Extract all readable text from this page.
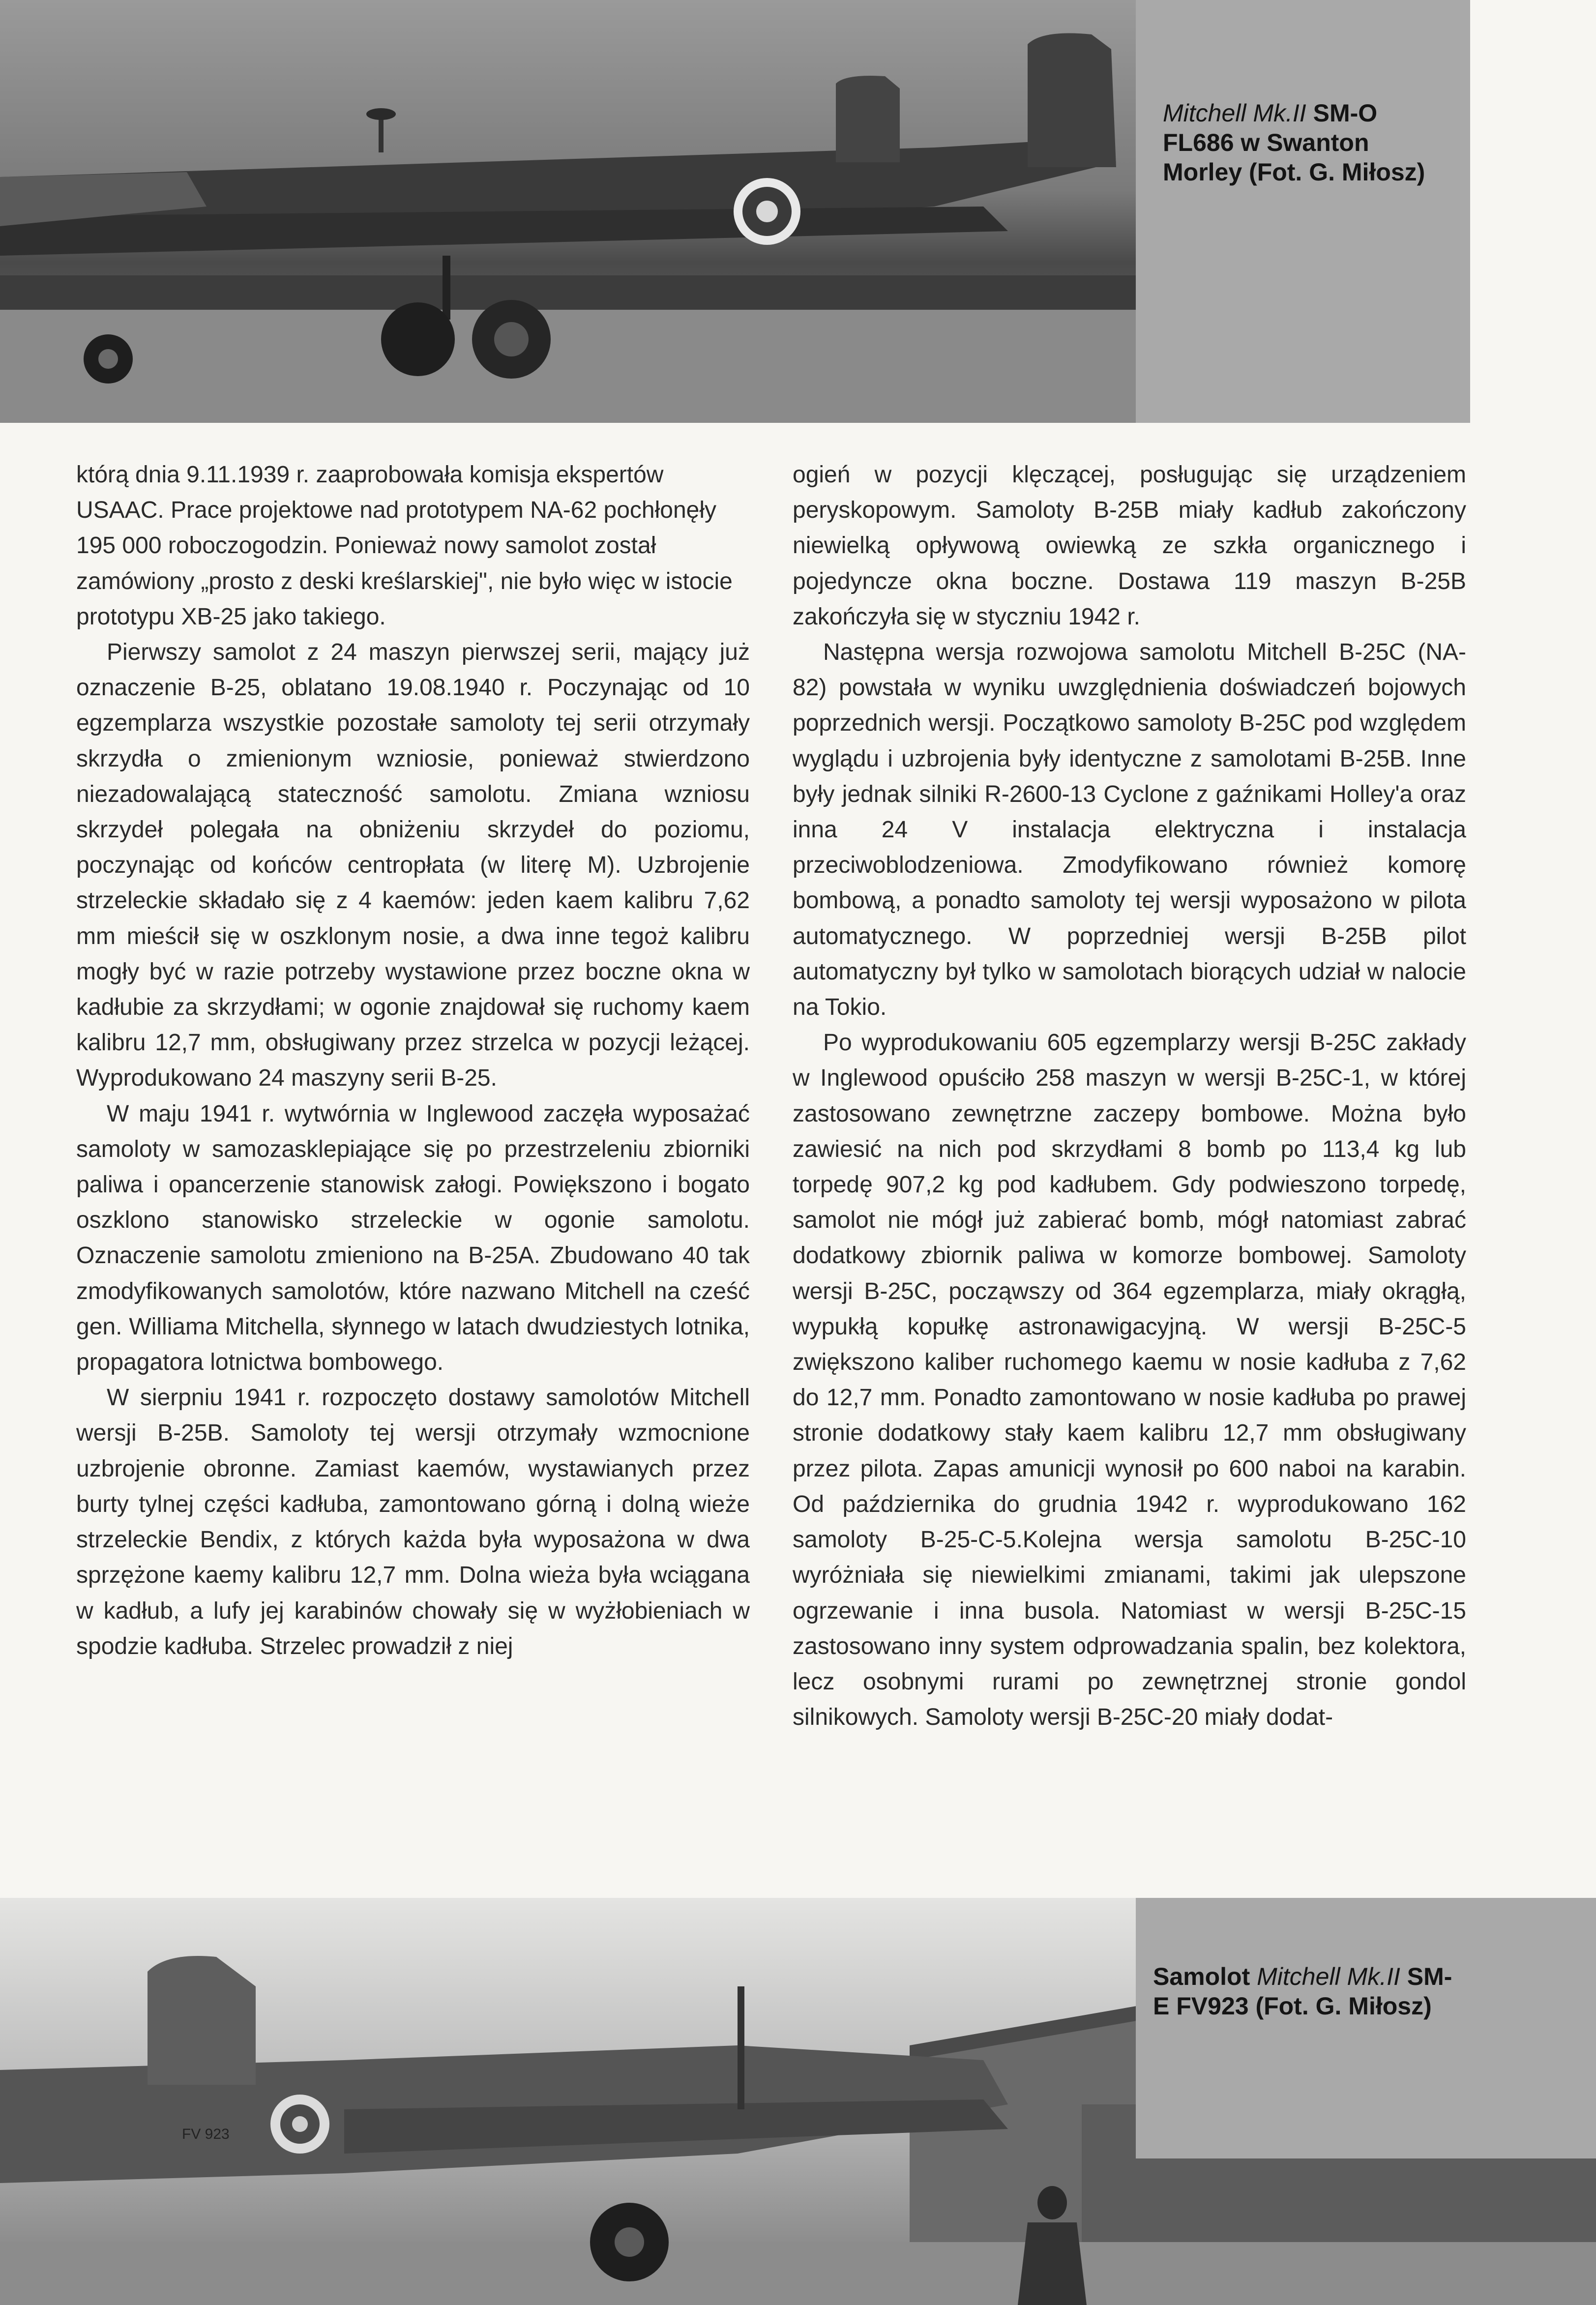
Mitchell Mk.II SM-O FL686 w Swanton Morley (Fot. G. Miłosz)

którą dnia 9.11.1939 r. zaaprobowała komisja ekspertów USAAC. Prace projektowe nad prototypem NA-62 pochłonęły 195 000 roboczogodzin. Ponieważ nowy samolot został zamówiony „prosto z deski kreślarskiej", nie było więc w istocie prototypu XB-25 jako takiego.

Pierwszy samolot z 24 maszyn pierwszej serii, mający już oznaczenie B-25, oblatano 19.08.1940 r. Poczynając od 10 egzemplarza wszystkie pozostałe samoloty tej serii otrzymały skrzydła o zmienionym wzniosie, ponieważ stwierdzono niezadowalającą stateczność samolotu. Zmiana wzniosu skrzydeł polegała na obniżeniu skrzydeł do poziomu, poczynając od końców centropłata (w literę M). Uzbrojenie strzeleckie składało się z 4 kaemów: jeden kaem kalibru 7,62 mm mieścił się w oszklonym nosie, a dwa inne tegoż kalibru mogły być w razie potrzeby wystawione przez boczne okna w kadłubie za skrzydłami; w ogonie znajdował się ruchomy kaem kalibru 12,7 mm, obsługiwany przez strzelca w pozycji leżącej. Wyprodukowano 24 maszyny serii B-25.

W maju 1941 r. wytwórnia w Inglewood zaczęła wyposażać samoloty w samozasklepiające się po przestrzeleniu zbiorniki paliwa i opancerzenie stanowisk załogi. Powiększono i bogato oszklono stanowisko strzeleckie w ogonie samolotu. Oznaczenie samolotu zmieniono na B-25A. Zbudowano 40 tak zmodyfikowanych samolotów, które nazwano Mitchell na cześć gen. Williama Mitchella, słynnego w latach dwudziestych lotnika, propagatora lotnictwa bombowego.

W sierpniu 1941 r. rozpoczęto dostawy samolotów Mitchell wersji B-25B. Samoloty tej wersji otrzymały wzmocnione uzbrojenie obronne. Zamiast kaemów, wystawianych przez burty tylnej części kadłuba, zamontowano górną i dolną wieże strzeleckie Bendix, z których każda była wyposażona w dwa sprzężone kaemy kalibru 12,7 mm. Dolna wieża była wciągana w kadłub, a lufy jej karabinów chowały się w wyżłobieniach w spodzie kadłuba. Strzelec prowadził z niej

ogień w pozycji klęczącej, posługując się urządzeniem peryskopowym. Samoloty B-25B miały kadłub zakończony niewielką opływową owiewką ze szkła organicznego i pojedyncze okna boczne. Dostawa 119 maszyn B-25B zakończyła się w styczniu 1942 r.

Następna wersja rozwojowa samolotu Mitchell B-25C (NA-82) powstała w wyniku uwzględnienia doświadczeń bojowych poprzednich wersji. Początkowo samoloty B-25C pod względem wyglądu i uzbrojenia były identyczne z samolotami B-25B. Inne były jednak silniki R-2600-13 Cyclone z gaźnikami Holley'a oraz inna 24 V instalacja elektryczna i instalacja przeciwoblodzeniowa. Zmodyfikowano również komorę bombową, a ponadto samoloty tej wersji wyposażono w pilota automatycznego. W poprzedniej wersji B-25B pilot automatyczny był tylko w samolotach biorących udział w nalocie na Tokio.

Po wyprodukowaniu 605 egzemplarzy wersji B-25C zakłady w Inglewood opuściło 258 maszyn w wersji B-25C-1, w której zastosowano zewnętrzne zaczepy bombowe. Można było zawiesić na nich pod skrzydłami 8 bomb po 113,4 kg lub torpedę 907,2 kg pod kadłubem. Gdy podwieszono torpedę, samolot nie mógł już zabierać bomb, mógł natomiast zabrać dodatkowy zbiornik paliwa w komorze bombowej. Samoloty wersji B-25C, począwszy od 364 egzemplarza, miały okrągłą, wypukłą kopułkę astronawigacyjną. W wersji B-25C-5 zwiększono kaliber ruchomego kaemu w nosie kadłuba z 7,62 do 12,7 mm. Ponadto zamontowano w nosie kadłuba po prawej stronie dodatkowy stały kaem kalibru 12,7 mm obsługiwany przez pilota. Zapas amunicji wynosił po 600 naboi na karabin. Od października do grudnia 1942 r. wyprodukowano 162 samoloty B-25-C-5.Kolejna wersja samolotu B-25C-10 wyróżniała się niewielkimi zmianami, takimi jak ulepszone ogrzewanie i inna busola. Natomiast w wersji B-25C-15 zastosowano inny system odprowadzania spalin, bez kolektora, lecz osobnymi rurami po zewnętrznej stronie gondol silnikowych. Samoloty wersji B-25C-20 miały dodat-

FV 923
Samolot Mitchell Mk.II SM-E FV923 (Fot. G. Miłosz)
